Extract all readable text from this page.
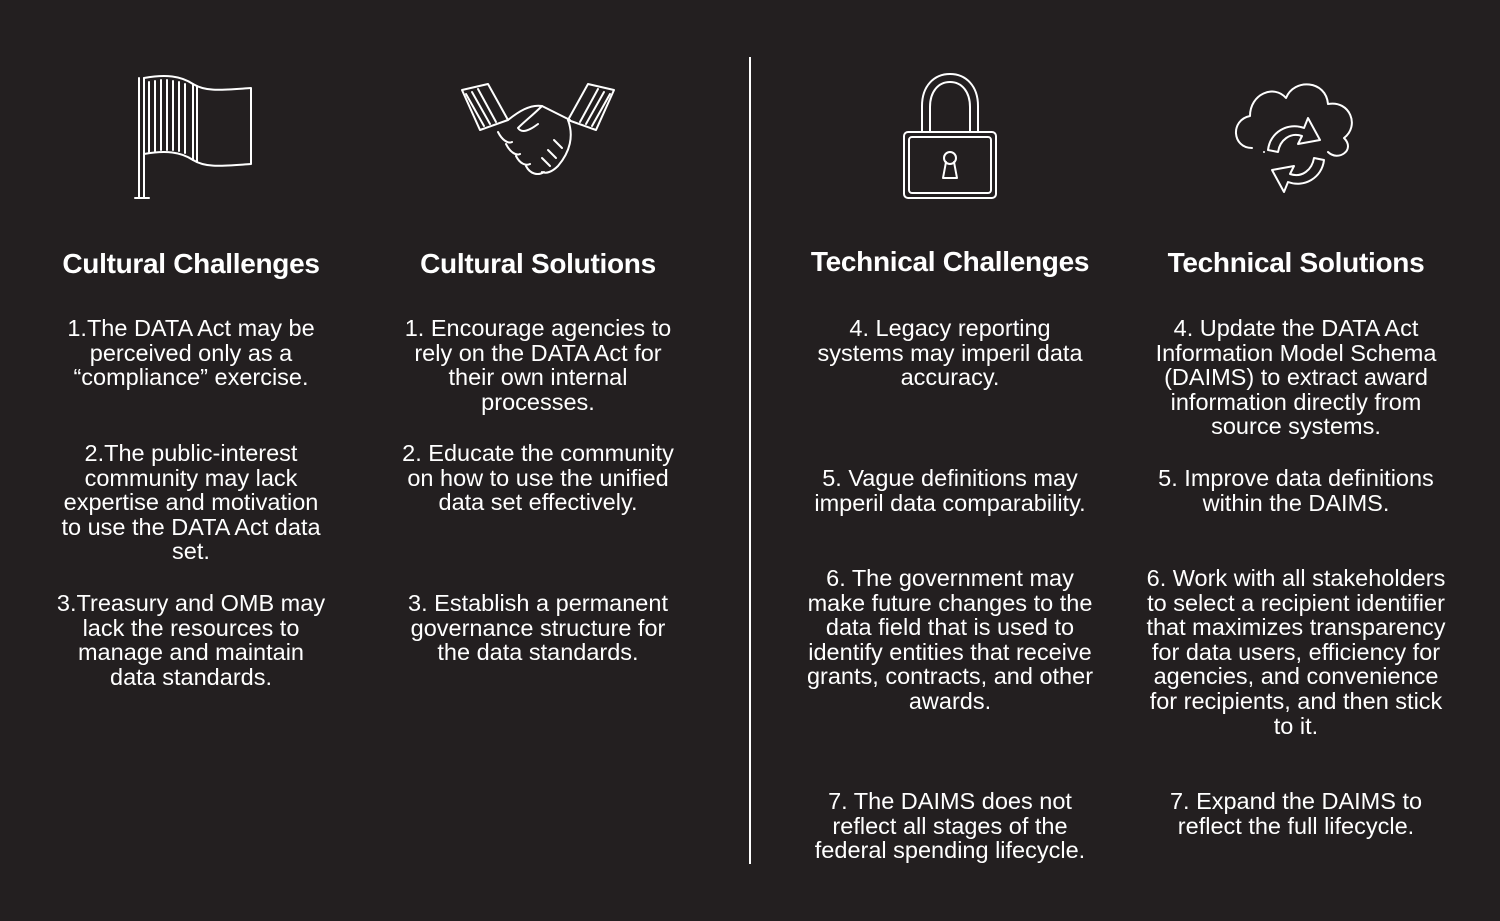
Cultural Challenges

1.The DATA Act may be perceived only as a “compliance” exercise.

2.The public-interest community may lack expertise and motivation to use the DATA Act data set.

3.Treasury and OMB may lack the resources to manage and maintain data standards.

Cultural Solutions

1. Encourage agencies to rely on the DATA Act for their own internal processes.

2. Educate the community on how to use the unified data set effectively.

3. Establish a permanent governance structure for the data standards.

Technical Challenges

4. Legacy reporting systems may imperil data accuracy.

5. Vague definitions may imperil data comparability.

6. The government may make future changes to the data field that is used to identify entities that receive grants, contracts, and other awards.

7. The DAIMS does not reflect all stages of the federal spending lifecycle.

Technical Solutions

4. Update the DATA Act Information Model Schema (DAIMS) to extract award information directly from source systems.

5. Improve data definitions within the DAIMS.

6. Work with all stakeholders to select a recipient identifier that maximizes transparency for data users, efficiency for agencies, and convenience for recipients, and then stick to it.

7. Expand the DAIMS to reflect the full lifecycle.
